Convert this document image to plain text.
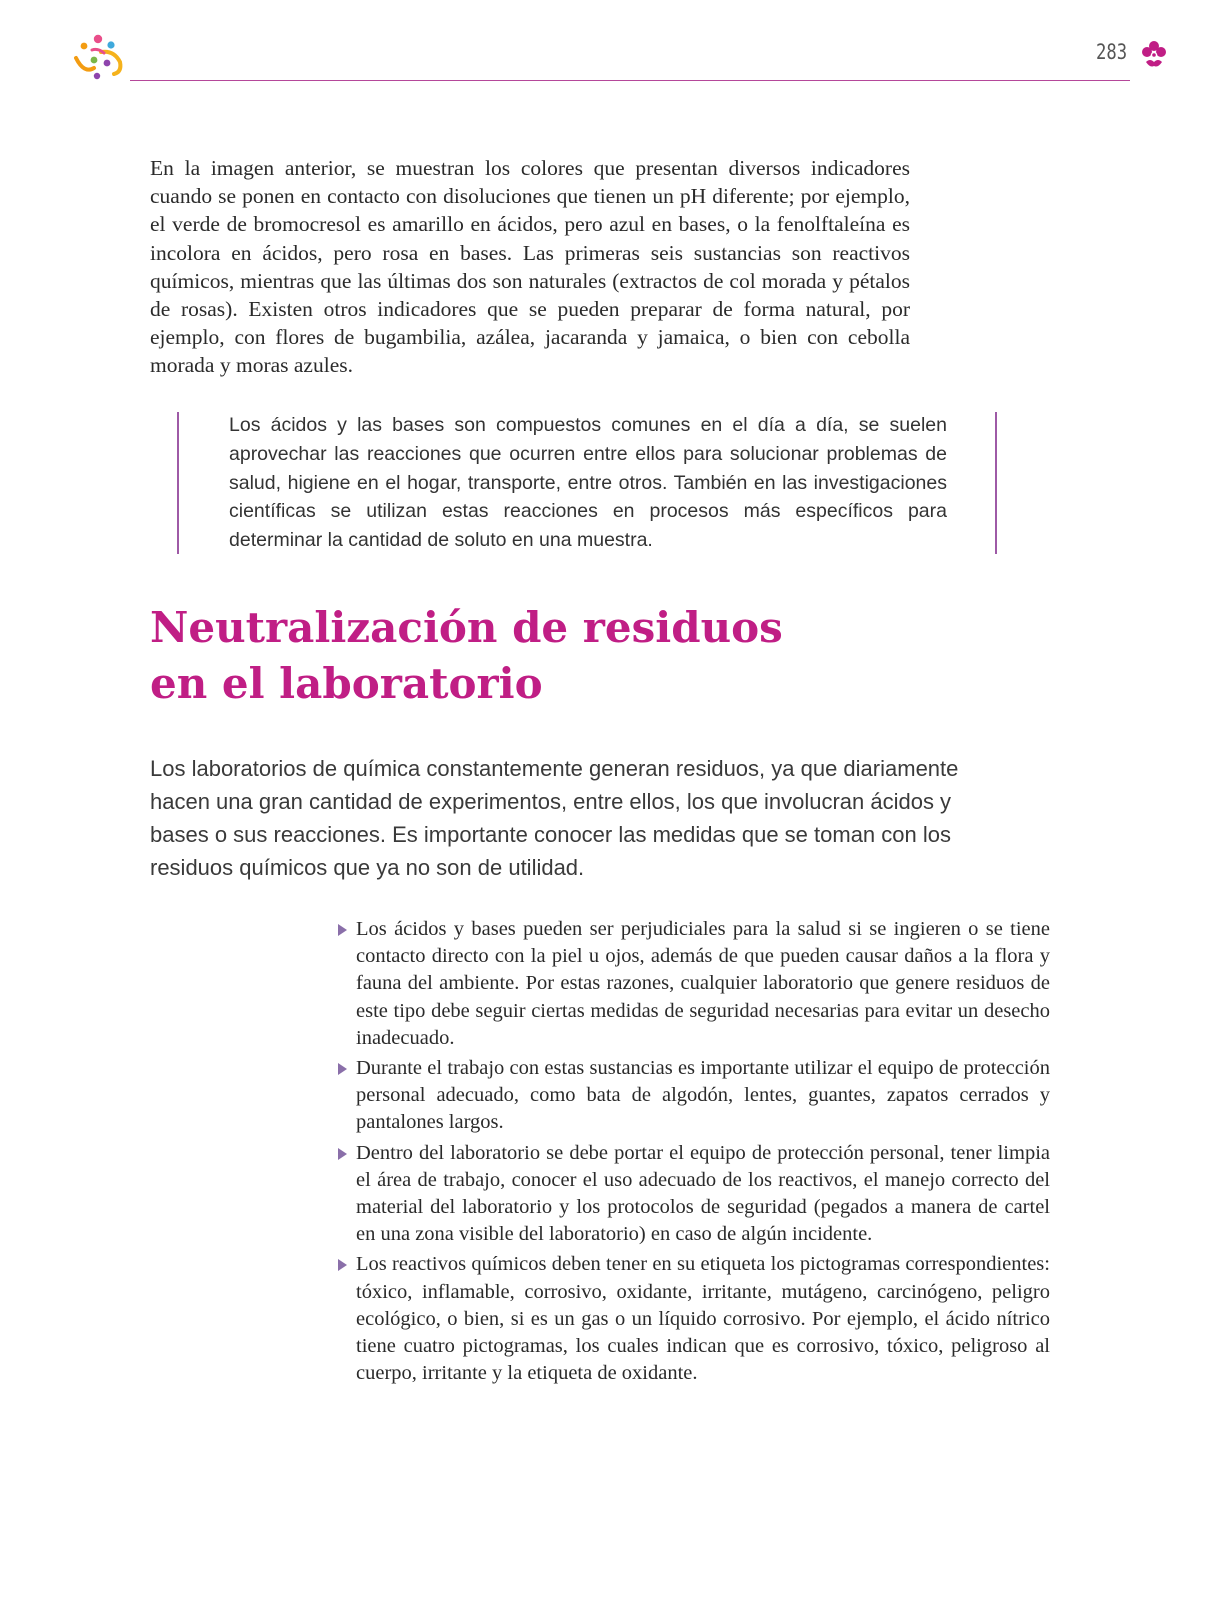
283

En la imagen anterior, se muestran los colores que presentan diversos indicadores cuando se ponen en contacto con disoluciones que tienen un pH diferente; por ejemplo, el verde de bromocresol es amarillo en ácidos, pero azul en bases, o la fenolftaleína es incolora en ácidos, pero rosa en bases. Las primeras seis sustancias son reactivos químicos, mientras que las últimas dos son naturales (extractos de col morada y pétalos de rosas). Existen otros indicadores que se pueden preparar de forma natural, por ejemplo, con flores de bugambilia, azálea, jacaranda y jamaica, o bien con cebolla morada y moras azules.

Los ácidos y las bases son compuestos comunes en el día a día, se suelen aprovechar las reacciones que ocurren entre ellos para solucionar problemas de salud, higiene en el hogar, transporte, entre otros. También en las investigaciones científicas se utilizan estas reacciones en procesos más específicos para determinar la cantidad de soluto en una muestra.

Neutralización de residuos
en el laboratorio

Los laboratorios de química constantemente generan residuos, ya que diariamente hacen una gran cantidad de experimentos, entre ellos, los que involucran ácidos y bases o sus reacciones. Es importante conocer las medidas que se toman con los residuos químicos que ya no son de utilidad.

Los ácidos y bases pueden ser perjudiciales para la salud si se ingieren o se tiene contacto directo con la piel u ojos, además de que pueden causar daños a la flora y fauna del ambiente. Por estas razones, cualquier laboratorio que genere residuos de este tipo debe seguir ciertas medidas de seguridad necesarias para evitar un desecho inadecuado.
Durante el trabajo con estas sustancias es importante utilizar el equipo de protección personal adecuado, como bata de algodón, lentes, guantes, zapatos cerrados y pantalones largos.
Dentro del laboratorio se debe portar el equipo de protección personal, tener limpia el área de trabajo, conocer el uso adecuado de los reactivos, el manejo correcto del material del laboratorio y los protocolos de seguridad (pegados a manera de cartel en una zona visible del laboratorio) en caso de algún incidente.
Los reactivos químicos deben tener en su etiqueta los pictogramas correspondientes: tóxico, inflamable, corrosivo, oxidante, irritante, mutágeno, carcinógeno, peligro ecológico, o bien, si es un gas o un líquido corrosivo. Por ejemplo, el ácido nítrico tiene cuatro pictogramas, los cuales indican que es corrosivo, tóxico, peligroso al cuerpo, irritante y la etiqueta de oxidante.
